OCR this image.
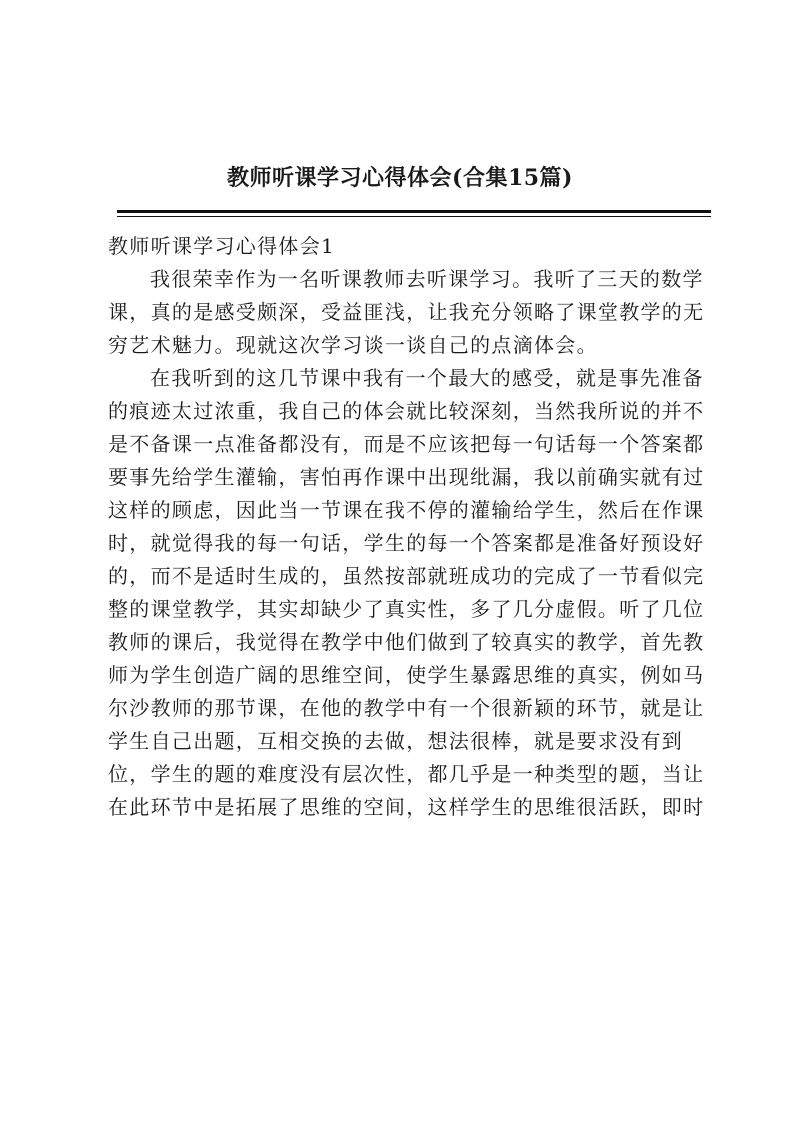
教师听课学习心得体会(合集15篇)
教师听课学习心得体会1
我很荣幸作为一名听课教师去听课学习。我听了三天的数学
课，真的是感受颇深，受益匪浅，让我充分领略了课堂教学的无
穷艺术魅力。现就这次学习谈一谈自己的点滴体会。
在我听到的这几节课中我有一个最大的感受，就是事先准备
的痕迹太过浓重，我自己的体会就比较深刻，当然我所说的并不
是不备课一点准备都没有，而是不应该把每一句话每一个答案都
要事先给学生灌输，害怕再作课中出现纰漏，我以前确实就有过
这样的顾虑，因此当一节课在我不停的灌输给学生，然后在作课
时，就觉得我的每一句话，学生的每一个答案都是准备好预设好
的，而不是适时生成的，虽然按部就班成功的完成了一节看似完
整的课堂教学，其实却缺少了真实性，多了几分虚假。听了几位
教师的课后，我觉得在教学中他们做到了较真实的教学，首先教
师为学生创造广阔的思维空间，使学生暴露思维的真实，例如马
尔沙教师的那节课，在他的教学中有一个很新颖的环节，就是让
学生自己出题，互相交换的去做，想法很棒，就是要求没有到
位，学生的题的难度没有层次性，都几乎是一种类型的题，当让
在此环节中是拓展了思维的空间，这样学生的思维很活跃，即时
